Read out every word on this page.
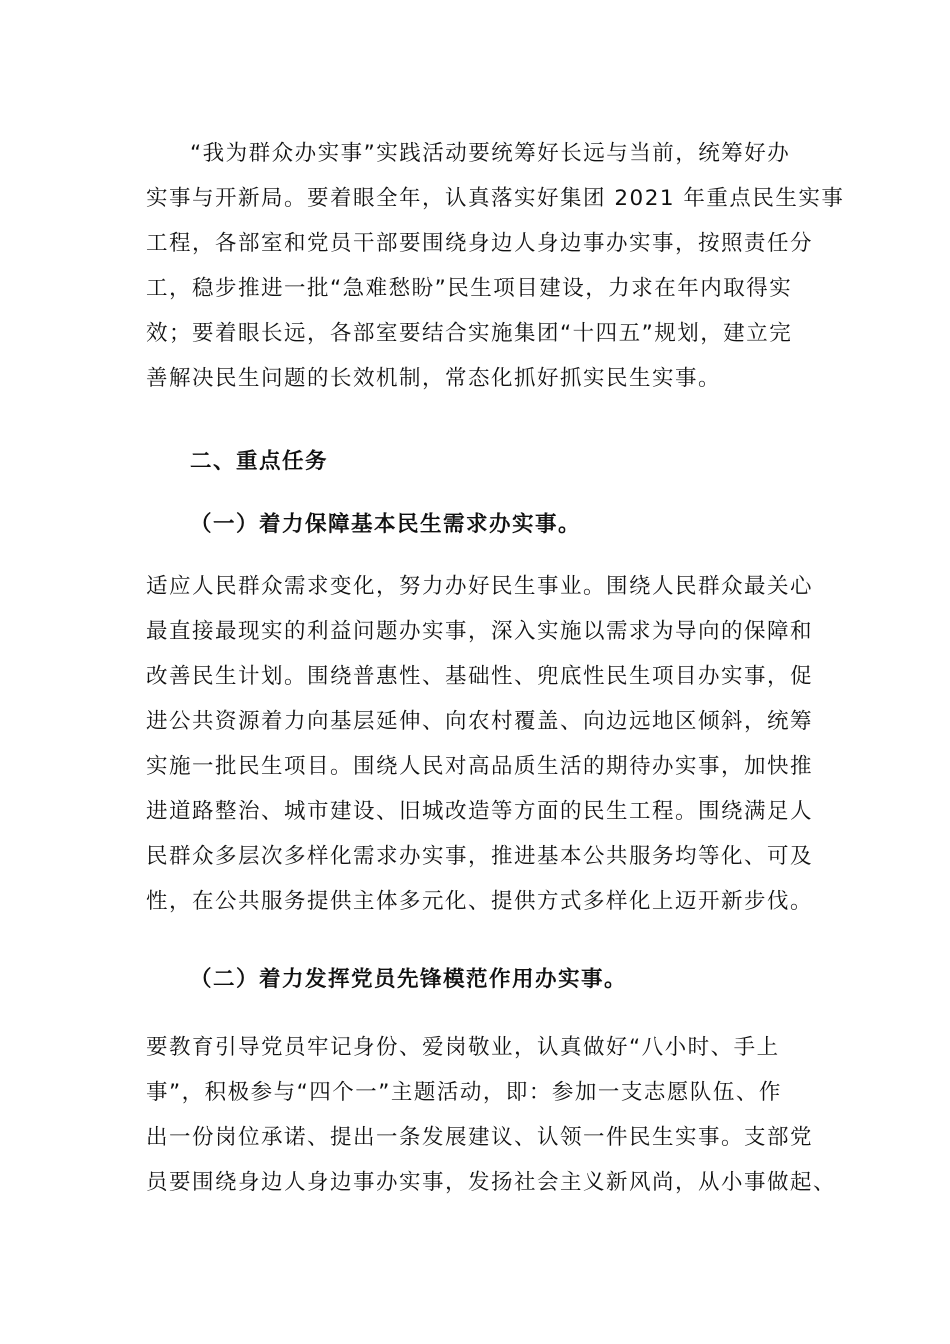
“我为群众办实事”实践活动要统筹好长远与当前，统筹好办
实事与开新局。要着眼全年，认真落实好集团 2021 年重点民生实事
工程，各部室和党员干部要围绕身边人身边事办实事，按照责任分
工，稳步推进一批“急难愁盼”民生项目建设，力求在年内取得实
效；要着眼长远，各部室要结合实施集团“十四五”规划，建立完
善解决民生问题的长效机制，常态化抓好抓实民生实事。
二、重点任务
（一）着力保障基本民生需求办实事。
适应人民群众需求变化，努力办好民生事业。围绕人民群众最关心
最直接最现实的利益问题办实事，深入实施以需求为导向的保障和
改善民生计划。围绕普惠性、基础性、兜底性民生项目办实事，促
进公共资源着力向基层延伸、向农村覆盖、向边远地区倾斜，统筹
实施一批民生项目。围绕人民对高品质生活的期待办实事，加快推
进道路整治、城市建设、旧城改造等方面的民生工程。围绕满足人
民群众多层次多样化需求办实事，推进基本公共服务均等化、可及
性，在公共服务提供主体多元化、提供方式多样化上迈开新步伐。
（二）着力发挥党员先锋模范作用办实事。
要教育引导党员牢记身份、爱岗敬业，认真做好“八小时、手上
事”，积极参与“四个一”主题活动，即：参加一支志愿队伍、作
出一份岗位承诺、提出一条发展建议、认领一件民生实事。支部党
员要围绕身边人身边事办实事，发扬社会主义新风尚，从小事做起、
